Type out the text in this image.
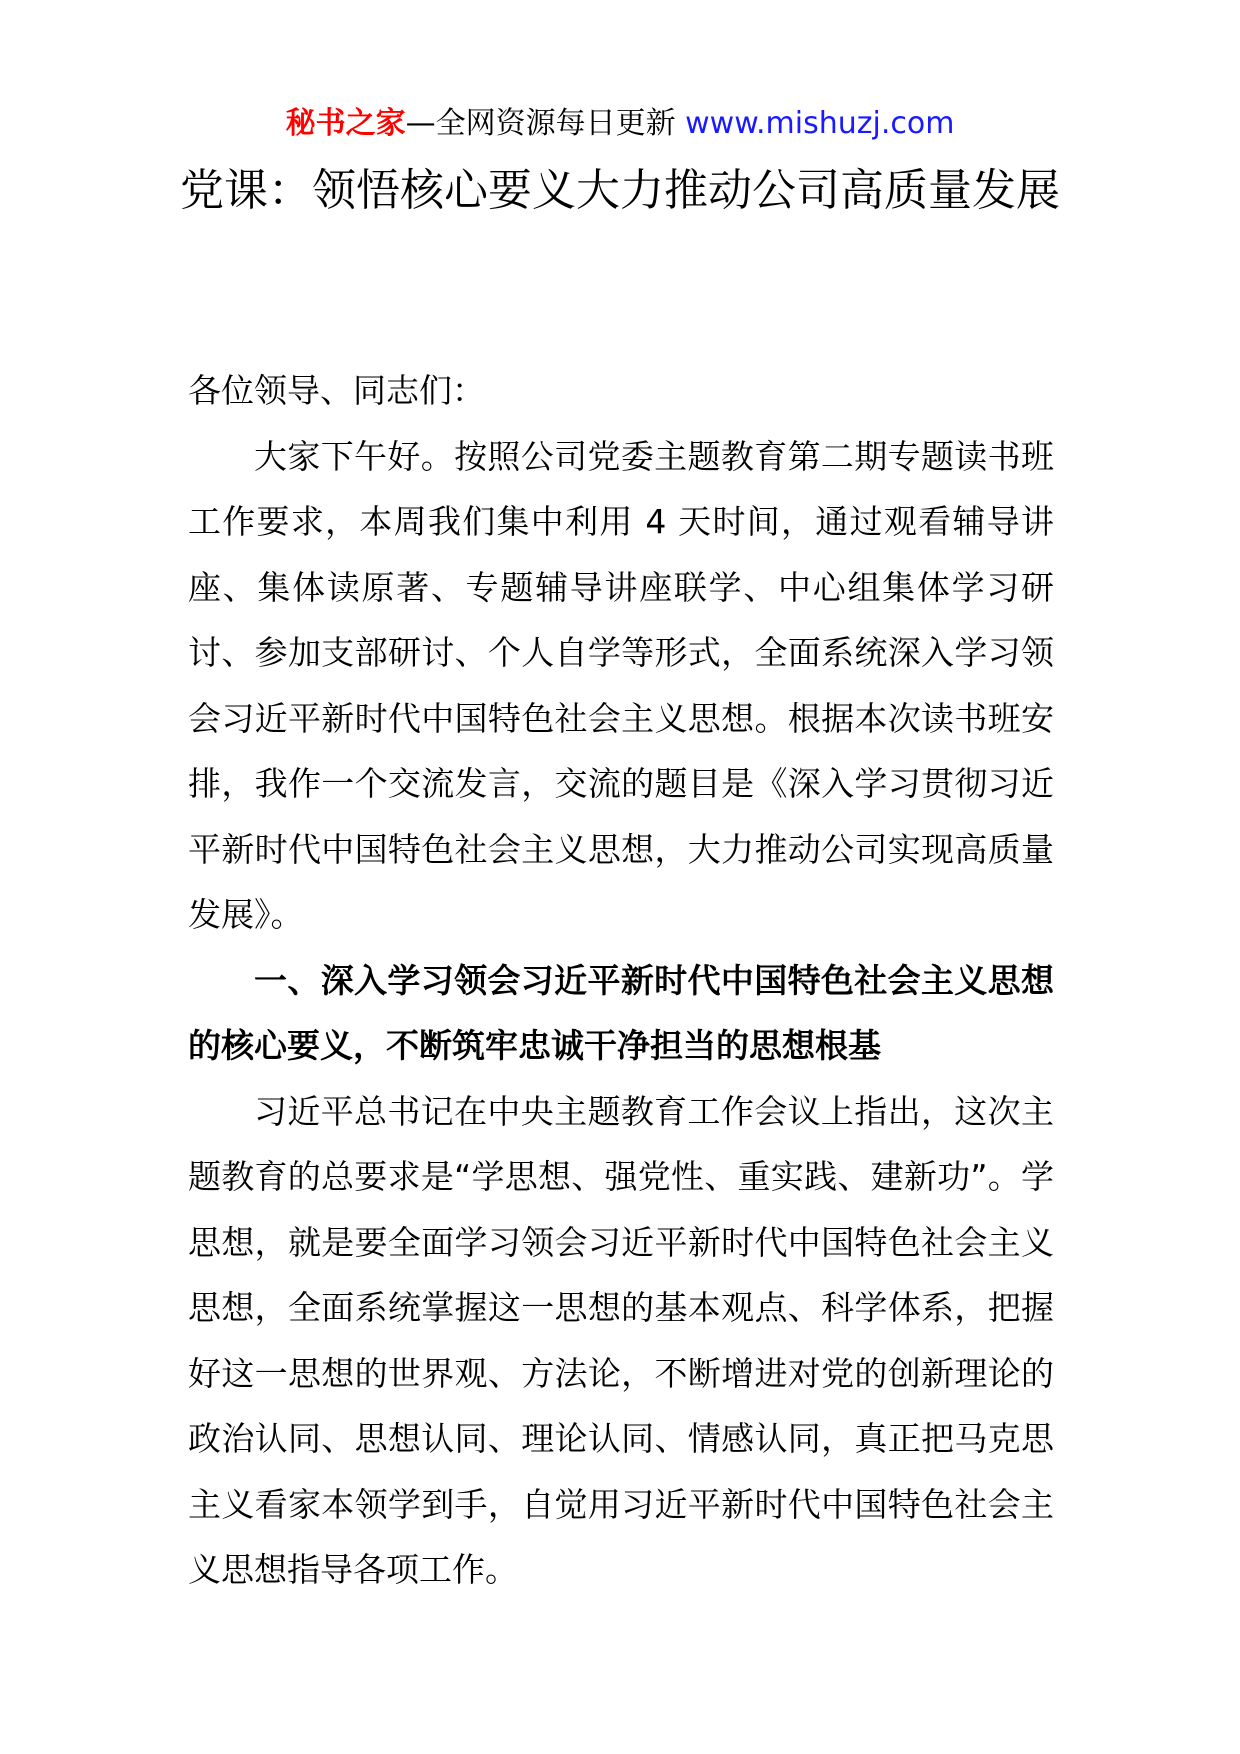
秘书之家—全网资源每日更新 www.mishuzj.com
党课：领悟核心要义大力推动公司高质量发展

各位领导、同志们：

大家下午好。按照公司党委主题教育第二期专题读书班工作要求，本周我们集中利用 4 天时间，通过观看辅导讲座、集体读原著、专题辅导讲座联学、中心组集体学习研讨、参加支部研讨、个人自学等形式，全面系统深入学习领会习近平新时代中国特色社会主义思想。根据本次读书班安排，我作一个交流发言，交流的题目是《深入学习贯彻习近平新时代中国特色社会主义思想，大力推动公司实现高质量发展》。

一、深入学习领会习近平新时代中国特色社会主义思想的核心要义，不断筑牢忠诚干净担当的思想根基

习近平总书记在中央主题教育工作会议上指出，这次主题教育的总要求是“学思想、强党性、重实践、建新功”。学思想，就是要全面学习领会习近平新时代中国特色社会主义思想，全面系统掌握这一思想的基本观点、科学体系，把握好这一思想的世界观、方法论，不断增进对党的创新理论的政治认同、思想认同、理论认同、情感认同，真正把马克思主义看家本领学到手，自觉用习近平新时代中国特色社会主义思想指导各项工作。
